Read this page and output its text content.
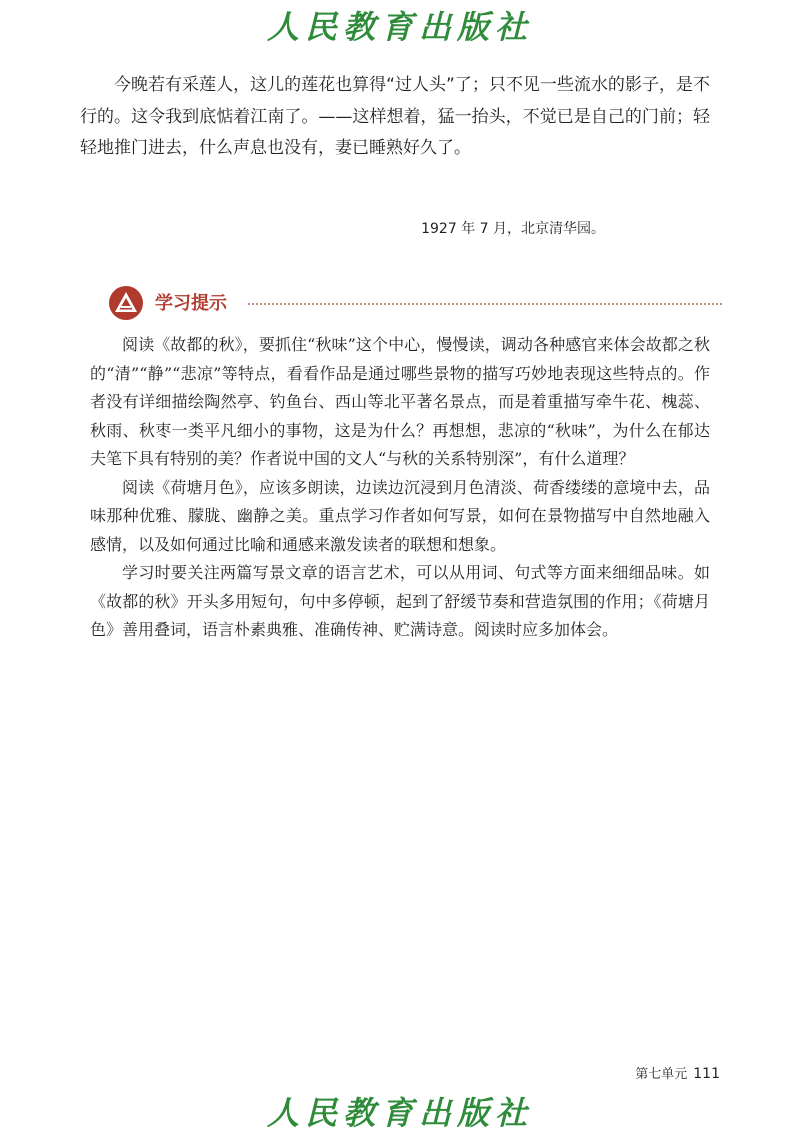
人民教育出版社

今晚若有采莲人，这儿的莲花也算得“过人头”了；只不见一些流水的影子，是不行的。这令我到底惦着江南了。——这样想着，猛一抬头，不觉已是自己的门前；轻轻地推门进去，什么声息也没有，妻已睡熟好久了。

1927 年 7 月，北京清华园。
学习提示

阅读《故都的秋》，要抓住“秋味”这个中心，慢慢读，调动各种感官来体会故都之秋的“清”“静”“悲凉”等特点，看看作品是通过哪些景物的描写巧妙地表现这些特点的。作者没有详细描绘陶然亭、钓鱼台、西山等北平著名景点，而是着重描写牵牛花、槐蕊、秋雨、秋枣一类平凡细小的事物，这是为什么？再想想，悲凉的“秋味”，为什么在郁达夫笔下具有特别的美？作者说中国的文人“与秋的关系特别深”，有什么道理？

阅读《荷塘月色》，应该多朗读，边读边沉浸到月色清淡、荷香缕缕的意境中去，品味那种优雅、朦胧、幽静之美。重点学习作者如何写景，如何在景物描写中自然地融入感情，以及如何通过比喻和通感来激发读者的联想和想象。

学习时要关注两篇写景文章的语言艺术，可以从用词、句式等方面来细细品味。如《故都的秋》开头多用短句，句中多停顿，起到了舒缓节奏和营造氛围的作用；《荷塘月色》善用叠词，语言朴素典雅、准确传神、贮满诗意。阅读时应多加体会。

第七单元 111
人民教育出版社
